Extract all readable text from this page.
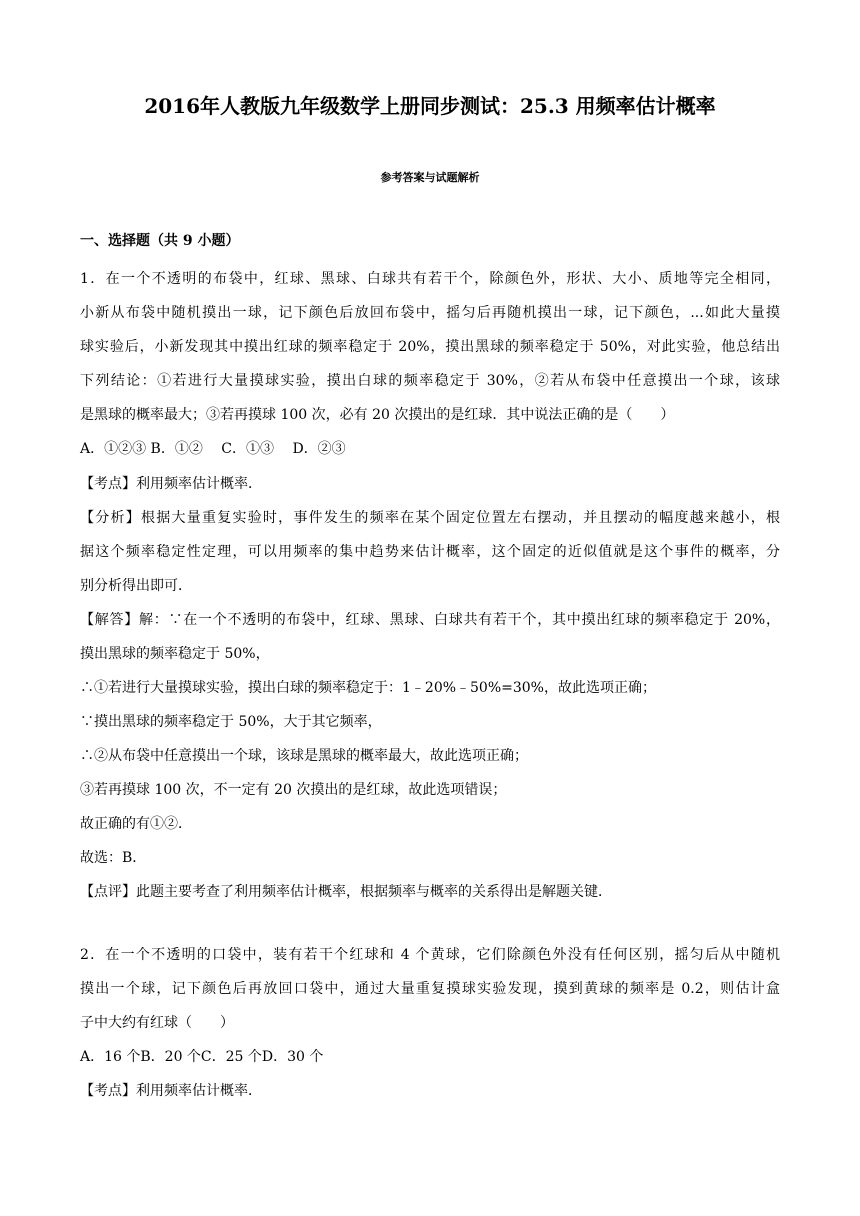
2016年人教版九年级数学上册同步测试：25.3 用频率估计概率
参考答案与试题解析
一、选择题（共 9 小题）
1．在一个不透明的布袋中，红球、黑球、白球共有若干个，除颜色外，形状、大小、质地等完全相同，
小新从布袋中随机摸出一球，记下颜色后放回布袋中，摇匀后再随机摸出一球，记下颜色，...如此大量摸
球实验后，小新发现其中摸出红球的频率稳定于 20%，摸出黑球的频率稳定于 50%，对此实验，他总结出
下列结论：①若进行大量摸球实验，摸出白球的频率稳定于 30%，②若从布袋中任意摸出一个球，该球
是黑球的概率最大；③若再摸球 100 次，必有 20 次摸出的是红球．其中说法正确的是（　　）
A．①②③ B．①②　 C．①③　 D．②③
【考点】利用频率估计概率．
【分析】根据大量重复实验时，事件发生的频率在某个固定位置左右摆动，并且摆动的幅度越来越小，根
据这个频率稳定性定理，可以用频率的集中趋势来估计概率，这个固定的近似值就是这个事件的概率，分
别分析得出即可．
【解答】解：∵在一个不透明的布袋中，红球、黑球、白球共有若干个，其中摸出红球的频率稳定于 20%，
摸出黑球的频率稳定于 50%，
∴①若进行大量摸球实验，摸出白球的频率稳定于：1﹣20%﹣50%=30%，故此选项正确；
∵摸出黑球的频率稳定于 50%，大于其它频率，
∴②从布袋中任意摸出一个球，该球是黑球的概率最大，故此选项正确；
③若再摸球 100 次，不一定有 20 次摸出的是红球，故此选项错误；
故正确的有①②．
故选：B．
【点评】此题主要考查了利用频率估计概率，根据频率与概率的关系得出是解题关键．
2．在一个不透明的口袋中，装有若干个红球和 4 个黄球，它们除颜色外没有任何区别，摇匀后从中随机
摸出一个球，记下颜色后再放回口袋中，通过大量重复摸球实验发现，摸到黄球的频率是 0.2，则估计盒
子中大约有红球（　　）
A．16 个B．20 个C．25 个D．30 个
【考点】利用频率估计概率．
